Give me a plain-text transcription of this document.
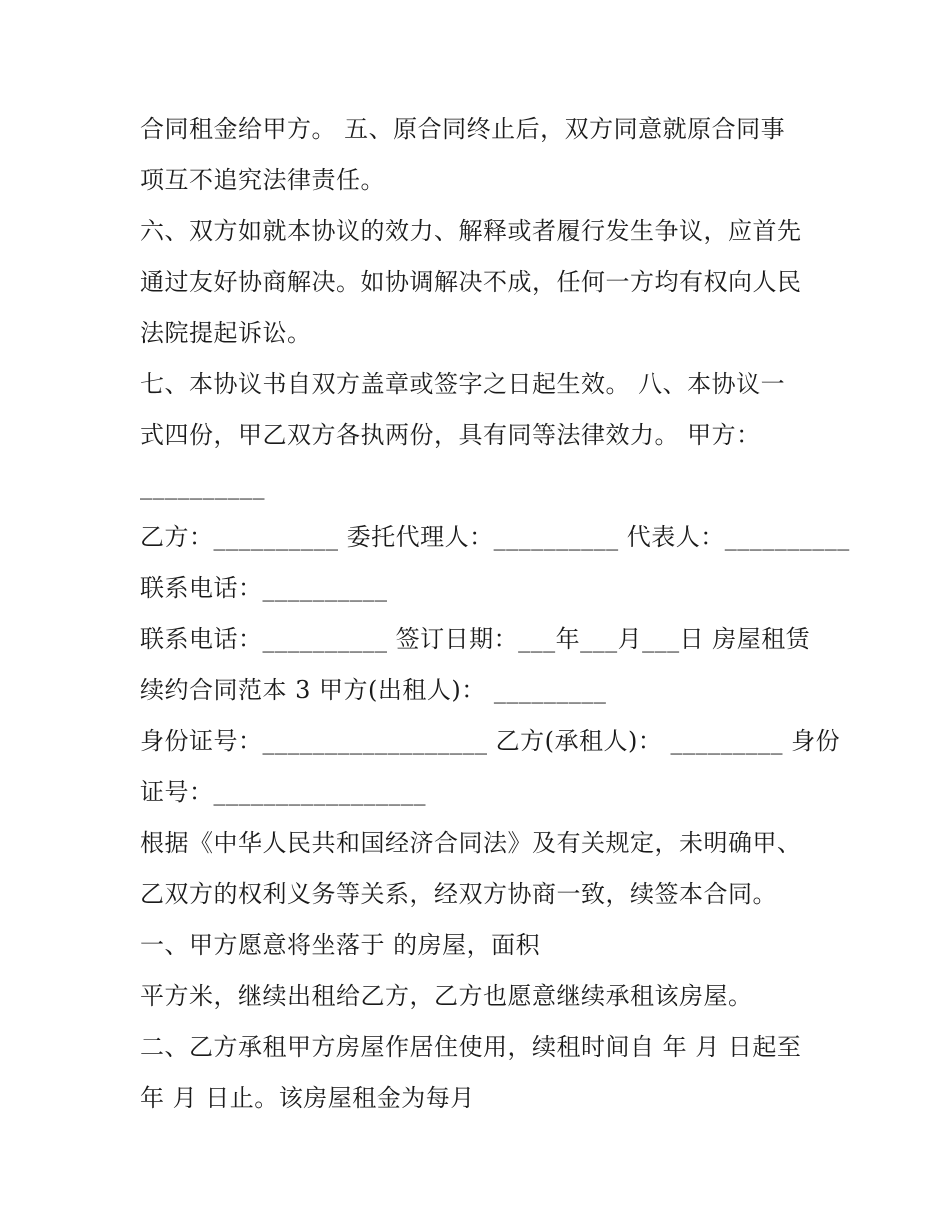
合同租金给甲方。 五、原合同终止后，双方同意就原合同事
项互不追究法律责任。
六、双方如就本协议的效力、解释或者履行发生争议，应首先
通过友好协商解决。如协调解决不成，任何一方均有权向人民
法院提起诉讼。
七、本协议书自双方盖章或签字之日起生效。 八、本协议一
式四份，甲乙双方各执两份，具有同等法律效力。 甲方：
__________
乙方：__________ 委托代理人：__________ 代表人：__________
联系电话：__________
联系电话：__________ 签订日期：___年___月___日 房屋租赁
续约合同范本 3 甲方(出租人)： _________
身份证号：__________________ 乙方(承租人)： _________ 身份
证号：_________________
根据《中华人民共和国经济合同法》及有关规定，未明确甲、
乙双方的权利义务等关系，经双方协商一致，续签本合同。
一、甲方愿意将坐落于 的房屋，面积
平方米，继续出租给乙方，乙方也愿意继续承租该房屋。
二、乙方承租甲方房屋作居住使用，续租时间自 年 月 日起至
年 月 日止。该房屋租金为每月
